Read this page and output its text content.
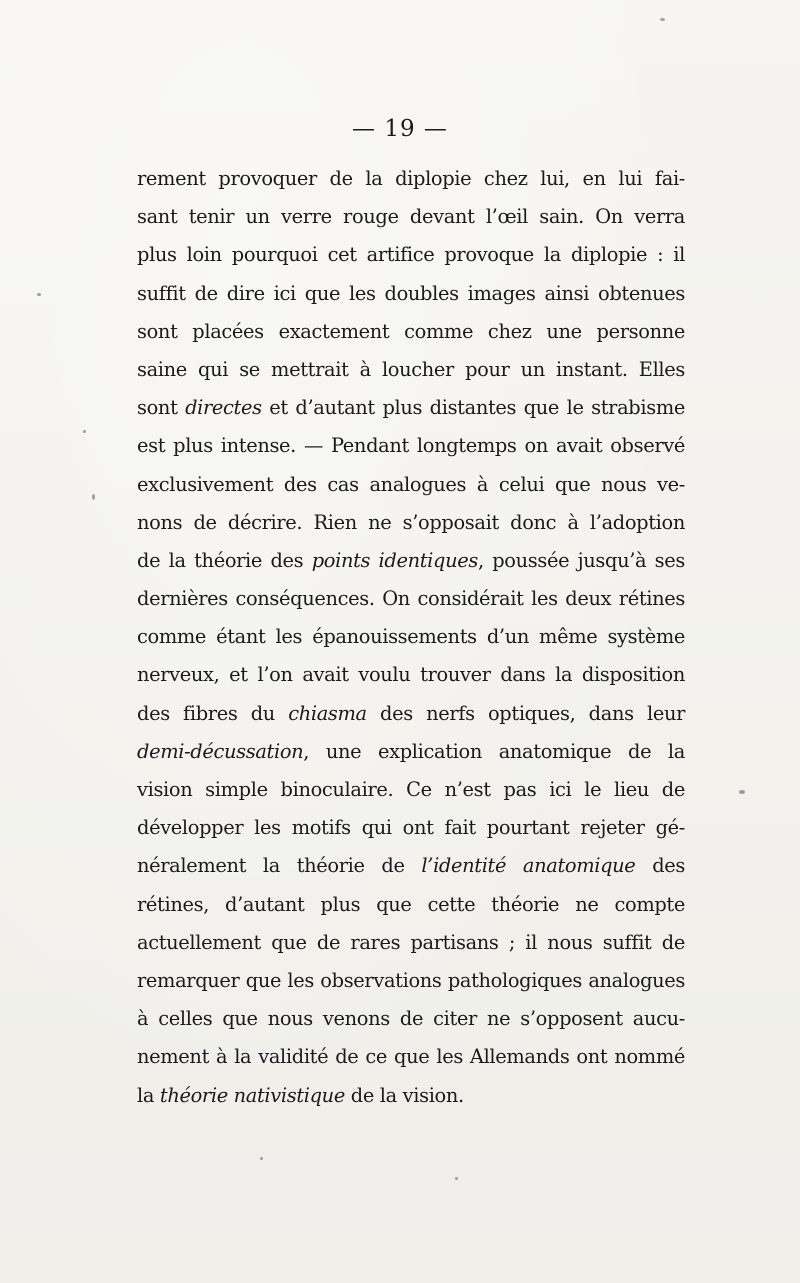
— 19 —
rement provoquer de la diplopie chez lui, en lui fai-
sant tenir un verre rouge devant l’œil sain. On verra
plus loin pourquoi cet artifice provoque la diplopie : il
suffit de dire ici que les doubles images ainsi obtenues
sont placées exactement comme chez une personne
saine qui se mettrait à loucher pour un instant. Elles
sont directes et d’autant plus distantes que le strabisme
est plus intense. — Pendant longtemps on avait observé
exclusivement des cas analogues à celui que nous ve-
nons de décrire. Rien ne s’opposait donc à l’adoption
de la théorie des points identiques, poussée jusqu’à ses
dernières conséquences. On considérait les deux rétines
comme étant les épanouissements d’un même système
nerveux, et l’on avait voulu trouver dans la disposition
des fibres du chiasma des nerfs optiques, dans leur
demi-décussation, une explication anatomique de la
vision simple binoculaire. Ce n’est pas ici le lieu de
développer les motifs qui ont fait pourtant rejeter gé-
néralement la théorie de l’identité anatomique des
rétines, d’autant plus que cette théorie ne compte
actuellement que de rares partisans ; il nous suffit de
remarquer que les observations pathologiques analogues
à celles que nous venons de citer ne s’opposent aucu-
nement à la validité de ce que les Allemands ont nommé
la théorie nativistique de la vision.
